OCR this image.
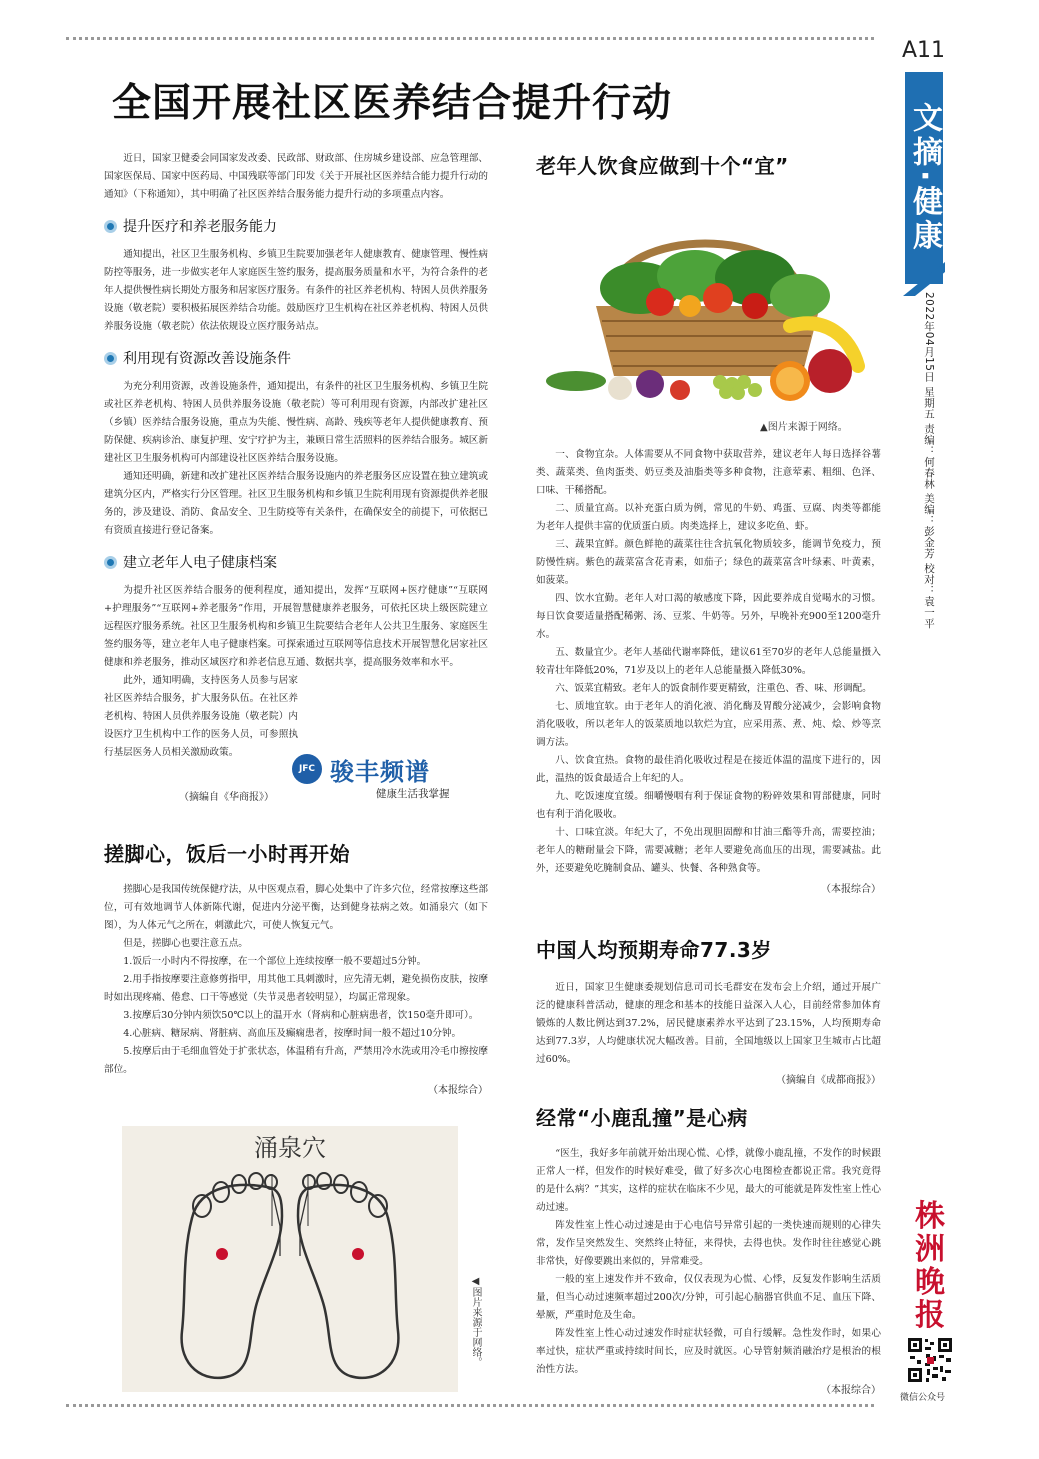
A11
文摘·健康
2022年04月15日 星期五 责编：何春林 美编：彭金芳 校对：袁一平
株
洲
晚
报
微信公众号
全国开展社区医养结合提升行动

近日，国家卫健委会同国家发改委、民政部、财政部、住房城乡建设部、应急管理部、国家医保局、国家中医药局、中国残联等部门印发《关于开展社区医养结合能力提升行动的通知》（下称通知），其中明确了社区医养结合服务能力提升行动的多项重点内容。

提升医疗和养老服务能力

通知提出，社区卫生服务机构、乡镇卫生院要加强老年人健康教育、健康管理、慢性病防控等服务，进一步做实老年人家庭医生签约服务，提高服务质量和水平，为符合条件的老年人提供慢性病长期处方服务和居家医疗服务。有条件的社区养老机构、特困人员供养服务设施（敬老院）要积极拓展医养结合功能。鼓励医疗卫生机构在社区养老机构、特困人员供养服务设施（敬老院）依法依规设立医疗服务站点。

利用现有资源改善设施条件

为充分利用资源，改善设施条件，通知提出，有条件的社区卫生服务机构、乡镇卫生院或社区养老机构、特困人员供养服务设施（敬老院）等可利用现有资源，内部改扩建社区（乡镇）医养结合服务设施，重点为失能、慢性病、高龄、残疾等老年人提供健康教育、预防保健、疾病诊治、康复护理、安宁疗护为主，兼顾日常生活照料的医养结合服务。城区新建社区卫生服务机构可内部建设社区医养结合服务设施。

通知还明确，新建和改扩建社区医养结合服务设施内的养老服务区应设置在独立建筑或建筑分区内，严格实行分区管理。社区卫生服务机构和乡镇卫生院利用现有资源提供养老服务的，涉及建设、消防、食品安全、卫生防疫等有关条件，在确保安全的前提下，可依据已有资质直接进行登记备案。

建立老年人电子健康档案

为提升社区医养结合服务的便利程度，通知提出，发挥“互联网+医疗健康”“互联网+护理服务”“互联网+养老服务”作用，开展智慧健康养老服务，可依托区块上级医院建立远程医疗服务系统。社区卫生服务机构和乡镇卫生院要结合老年人公共卫生服务、家庭医生签约服务等，建立老年人电子健康档案。可探索通过互联网等信息技术开展智慧化居家社区健康和养老服务，推动区域医疗和养老信息互通、数据共享，提高服务效率和水平。

此外，通知明确，支持医务人员参与居家社区医养结合服务，扩大服务队伍。在社区养老机构、特困人员供养服务设施（敬老院）内设医疗卫生机构中工作的医务人员，可参照执行基层医务人员相关激励政策。

（摘编自《华商报》）
JFC 骏丰频谱
健康生活我掌握
搓脚心，饭后一小时再开始

搓脚心是我国传统保健疗法，从中医观点看，脚心处集中了许多穴位，经常按摩这些部位，可有效地调节人体新陈代谢，促进内分泌平衡，达到健身祛病之效。如涌泉穴（如下图），为人体元气之所在，刺激此穴，可使人恢复元气。

但是，搓脚心也要注意五点。

1.饭后一小时内不得按摩，在一个部位上连续按摩一般不要超过5分钟。

2.用手指按摩要注意修剪指甲，用其他工具刺激时，应先清无刺，避免损伤皮肤，按摩时如出现疼痛、倦怠、口干等感觉（失节灵患者较明显），均属正常现象。

3.按摩后30分钟内须饮50℃以上的温开水（肾病和心脏病患者，饮150毫升即可）。

4.心脏病、糖尿病、肾脏病、高血压及癫痫患者，按摩时间一般不超过10分钟。

5.按摩后由于毛细血管处于扩张状态，体温稍有升高，严禁用冷水洗或用冷毛巾擦按摩部位。

（本报综合）
涌泉穴
◀图片来源于网络。
老年人饮食应做到十个“宜”
▲图片来源于网络。

一、食物宜杂。人体需要从不同食物中获取营养，建议老年人每日选择谷薯类、蔬菜类、鱼肉蛋类、奶豆类及油脂类等多种食物，注意荤素、粗细、色泽、口味、干稀搭配。

二、质量宜高。以补充蛋白质为例，常见的牛奶、鸡蛋、豆腐、肉类等都能为老年人提供丰富的优质蛋白质。肉类选择上，建议多吃鱼、虾。

三、蔬果宜鲜。颜色鲜艳的蔬菜往往含抗氧化物质较多，能调节免疫力，预防慢性病。紫色的蔬菜富含花青素，如茄子；绿色的蔬菜富含叶绿素、叶黄素，如菠菜。

四、饮水宜勤。老年人对口渴的敏感度下降，因此要养成自觉喝水的习惯。每日饮食要适量搭配稀粥、汤、豆浆、牛奶等。另外，早晚补充900至1200毫升水。

五、数量宜少。老年人基础代谢率降低，建议61至70岁的老年人总能量摄入较青壮年降低20%，71岁及以上的老年人总能量摄入降低30%。

六、饭菜宜精致。老年人的饭食制作要更精致，注重色、香、味、形调配。

七、质地宜软。由于老年人的消化液、消化酶及胃酸分泌减少，会影响食物消化吸收，所以老年人的饭菜质地以软烂为宜，应采用蒸、煮、炖、烩、炒等烹调方法。

八、饮食宜热。食物的最佳消化吸收过程是在接近体温的温度下进行的，因此，温热的饭食最适合上年纪的人。

九、吃饭速度宜缓。细嚼慢咽有利于保证食物的粉碎效果和胃部健康，同时也有利于消化吸收。

十、口味宜淡。年纪大了，不免出现胆固醇和甘油三酯等升高，需要控油；老年人的糖耐量会下降，需要减糖；老年人要避免高血压的出现，需要减盐。此外，还要避免吃腌制食品、罐头、快餐、各种熟食等。

（本报综合）
中国人均预期寿命77.3岁

近日，国家卫生健康委规划信息司司长毛群安在发布会上介绍，通过开展广泛的健康科普活动，健康的理念和基本的技能日益深入人心，目前经常参加体育锻炼的人数比例达到37.2%，居民健康素养水平达到了23.15%，人均预期寿命达到77.3岁，人均健康状况大幅改善。目前，全国地级以上国家卫生城市占比超过60%。

（摘编自《成都商报》）
经常“小鹿乱撞”是心病

“医生，我好多年前就开始出现心慌、心悸，就像小鹿乱撞，不发作的时候跟正常人一样，但发作的时候好难受，做了好多次心电图检查都说正常。我究竟得的是什么病？”其实，这样的症状在临床不少见，最大的可能就是阵发性室上性心动过速。

阵发性室上性心动过速是由于心电信号异常引起的一类快速而规则的心律失常，发作呈突然发生、突然终止特征，来得快，去得也快。发作时往往感觉心跳非常快，好像要跳出来似的，异常难受。

一般的室上速发作并不致命，仅仅表现为心慌、心悸，反复发作影响生活质量，但当心动过速频率超过200次/分钟，可引起心脑器官供血不足、血压下降、晕厥，严重时危及生命。

阵发性室上性心动过速发作时症状轻微，可自行缓解。急性发作时，如果心率过快，症状严重或持续时间长，应及时就医。心导管射频消融治疗是根治的根治性方法。

（本报综合）
